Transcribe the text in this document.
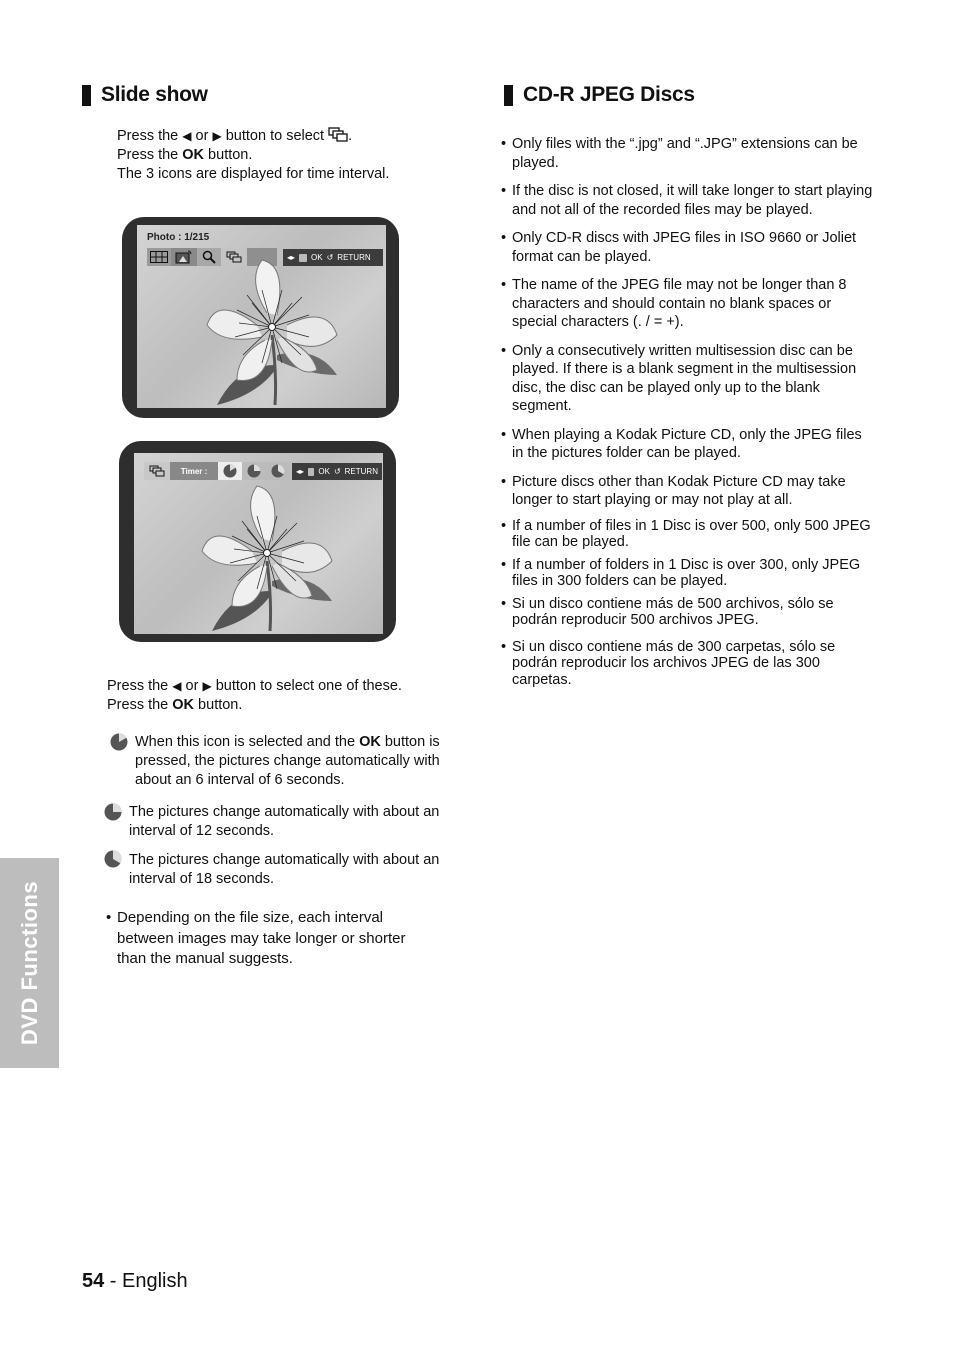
Slide show
Press the ◀ or ▶ button to select .
Press the OK button.
The 3 icons are displayed for time interval.
Photo : 1/215
◂▸ OK ↺ RETURN
Timer :	◂▸ OK ↺ RETURN
Press the ◀ or ▶ button to select one of these.
Press the OK button.
When this icon is selected and the OK button is pressed, the pictures change automatically with about an 6 interval of 6 seconds.
The pictures change automatically with about an interval of 12 seconds.
The pictures change automatically with about an interval of 18 seconds.
• Depending on the file size, each interval between images may take longer or shorter than the manual suggests.
CD-R JPEG Discs
• Only files with the “.jpg” and “.JPG” extensions can be played.
• If the disc is not closed, it will take longer to start playing and not all of the recorded files may be played.
• Only CD-R discs with JPEG files in ISO 9660 or Joliet format can be played.
• The name of the JPEG file may not be longer than 8 characters and should contain no blank spaces or special characters (. / = +).
• Only a consecutively written multisession disc can be played. If there is a blank segment in the multisession disc, the disc can be played only up to the blank segment.
• When playing a Kodak Picture CD, only the JPEG files in the pictures folder can be played.
• Picture discs other than Kodak Picture CD may take longer to start playing or may not play at all.
• If a number of files in 1 Disc is over 500, only 500 JPEG file can be played.
• If a number of folders in 1 Disc is over 300, only JPEG files in 300 folders can be played.
• Si un disco contiene más de 500 archivos, sólo se podrán reproducir 500 archivos JPEG.
• Si un disco contiene más de 300 carpetas, sólo se podrán reproducir los archivos JPEG de las 300 carpetas.
DVD Functions
54 - English
